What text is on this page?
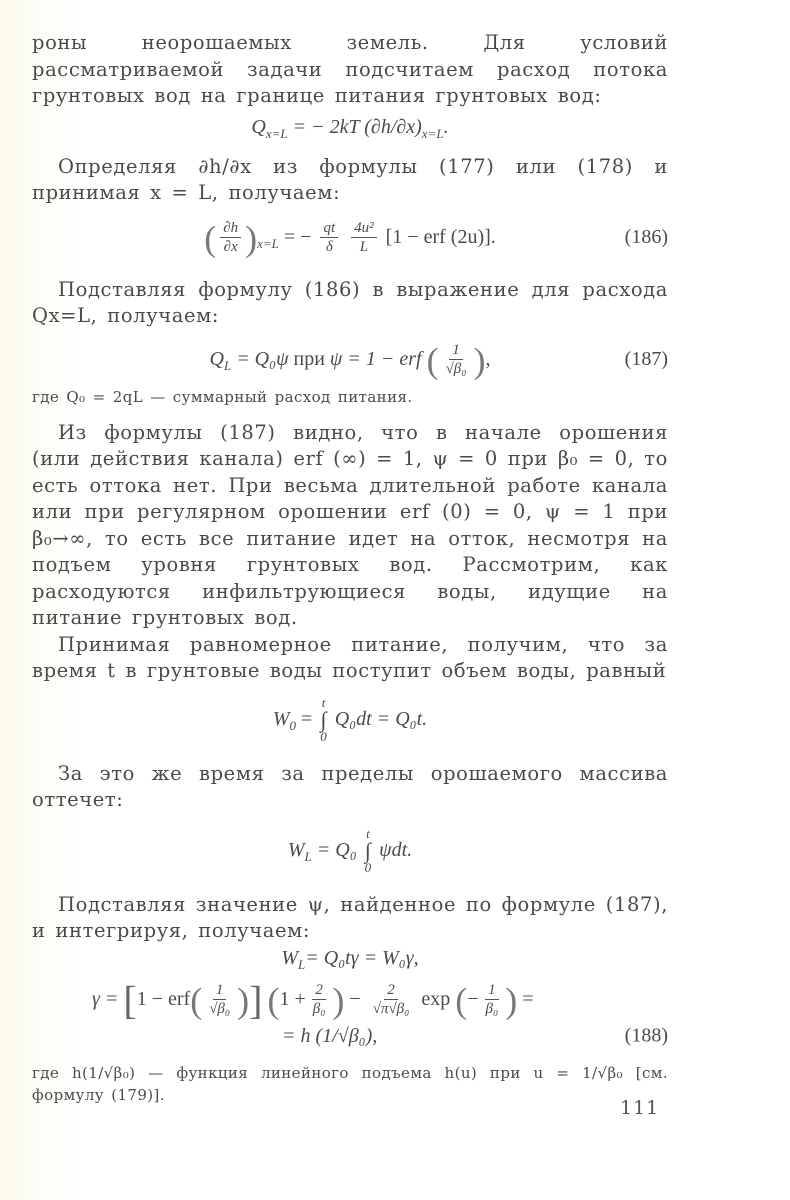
роны неорошаемых земель. Для условий рассматриваемой задачи подсчитаем расход потока грунтовых вод на границе питания грунтовых вод:

$Q_{x=L}$ = − 2kT $(\partial h/\partial x)_{x=L}$.

Определяя ∂h/∂x из формулы (177) или (178) и принимая x = L, получаем:

( $\frac{\partial h}{\partial x} )_{x=L}$ = − $\frac{qt}{\delta}$
$\frac{\text{4u²}}{L} [1$ − erf (2u)].	(186)

Подставляя формулу (186) в выражение для расхода Qx=L, получаем:

$Q_L = Q_0\psi$ при ψ = 1 − erf ( $\frac{1}{\text{√β₀}}$ ),	(187)

где Q₀ = 2qL — суммарный расход питания.

Из формулы (187) видно, что в начале орошения (или действия канала) erf (∞) = 1, ψ = 0 при β₀ = 0, то есть оттока нет. При весьма длительной работе канала или при регулярном орошении erf (0) = 0, ψ = 1 при β₀→∞, то есть все питание идет на отток, несмотря на подъем уровня грунтовых вод. Рассмотрим, как расходуются инфильтрующиеся воды, идущие на питание грунтовых вод.

Принимая равномерное питание, получим, что за время t в грунтовые воды поступит объем воды, равный

$W_0$ =
t
∫
0
Q₀dt = Q₀t.

За это же время за пределы орошаемого массива оттечет:

$W_L = Q_0$
t
∫
0
ψdt.

Подставляя значение ψ, найденное по формуле (187), и интегрируя, получаем:

$W_L= Q_0t\gamma = W_0\gamma$,
$\gamma = [1 - erf( \frac{1}{\text{√β₀}}$ )] ($1 + \frac{2}{\text{β₀}}$ ) − $\frac{2}{\text{√π√β₀}}$ exp (− $\frac{1}{\text{β₀}}$ ) =
= h (1/√β₀),	(188)

где h(1/√β₀) — функция линейного подъема h(u) при u = 1/√β₀ [см. формулу (179)].

111
